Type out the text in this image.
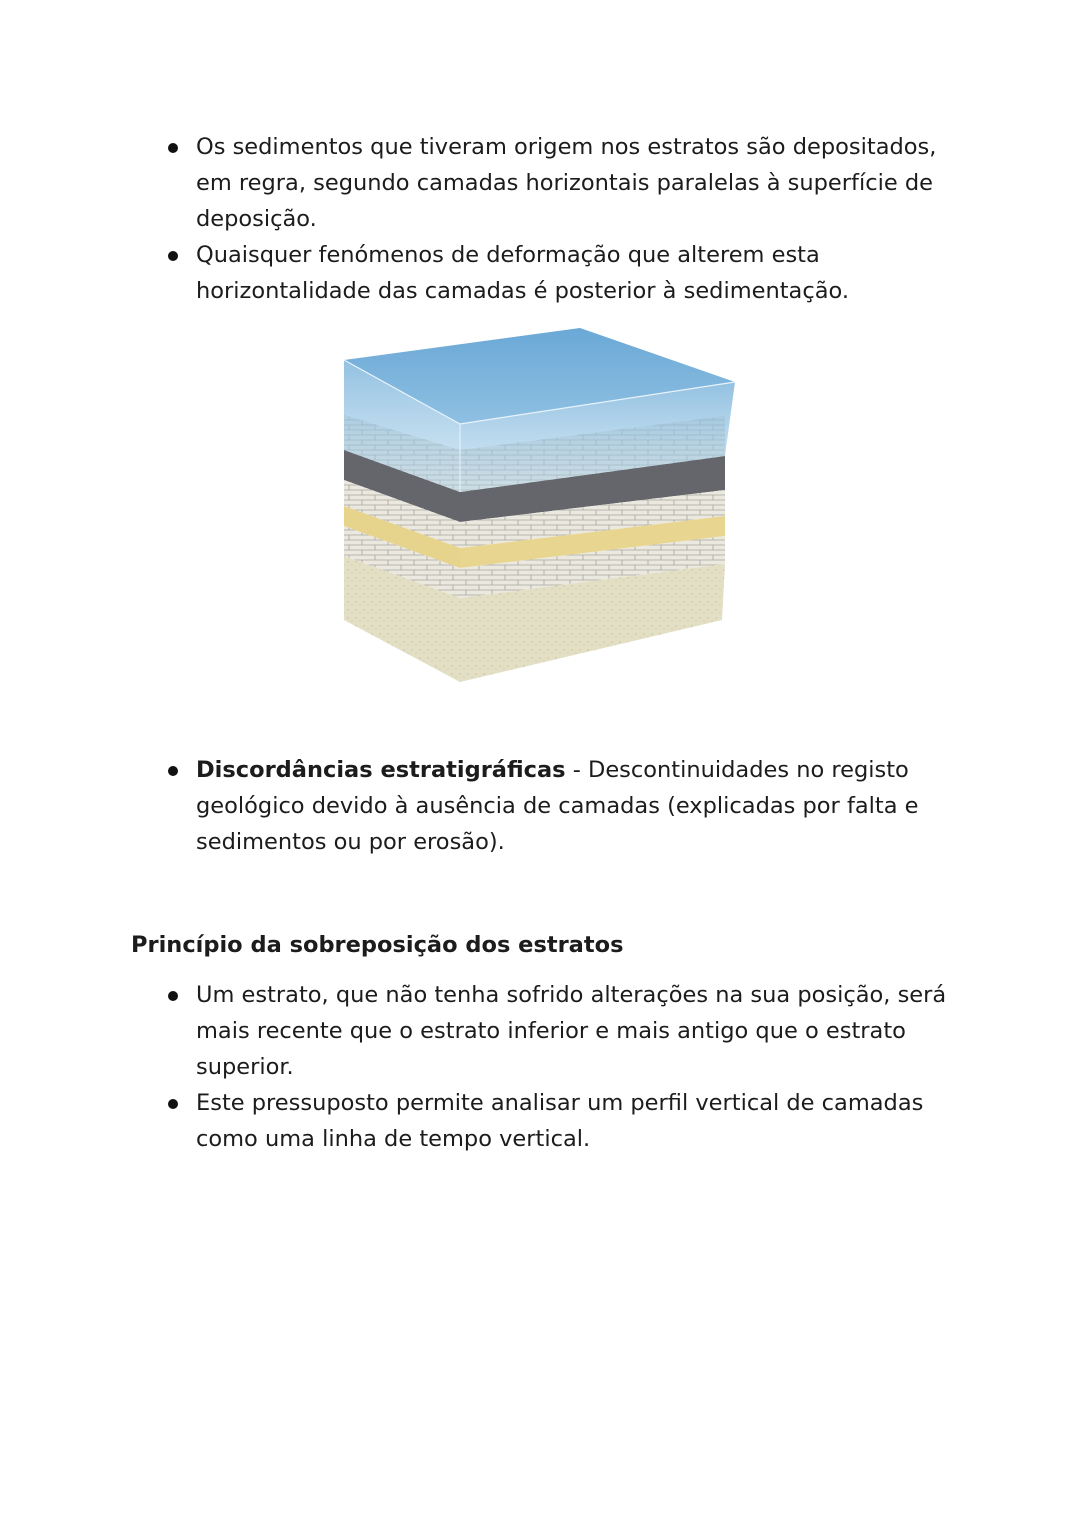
Os sedimentos que tiveram origem nos estratos são depositados, em regra, segundo camadas horizontais paralelas à superfície de deposição.
Quaisquer fenómenos de deformação que alterem esta horizontalidade das camadas é posterior à sedimentação.
Discordâncias estratigráficas - Descontinuidades no registo geológico devido à ausência de camadas (explicadas por falta e sedimentos ou por erosão).
Princípio da sobreposição dos estratos
Um estrato, que não tenha sofrido alterações na sua posição, será mais recente que o estrato inferior e mais antigo que o estrato superior.
Este pressuposto permite analisar um perfil vertical de camadas como uma linha de tempo vertical.
